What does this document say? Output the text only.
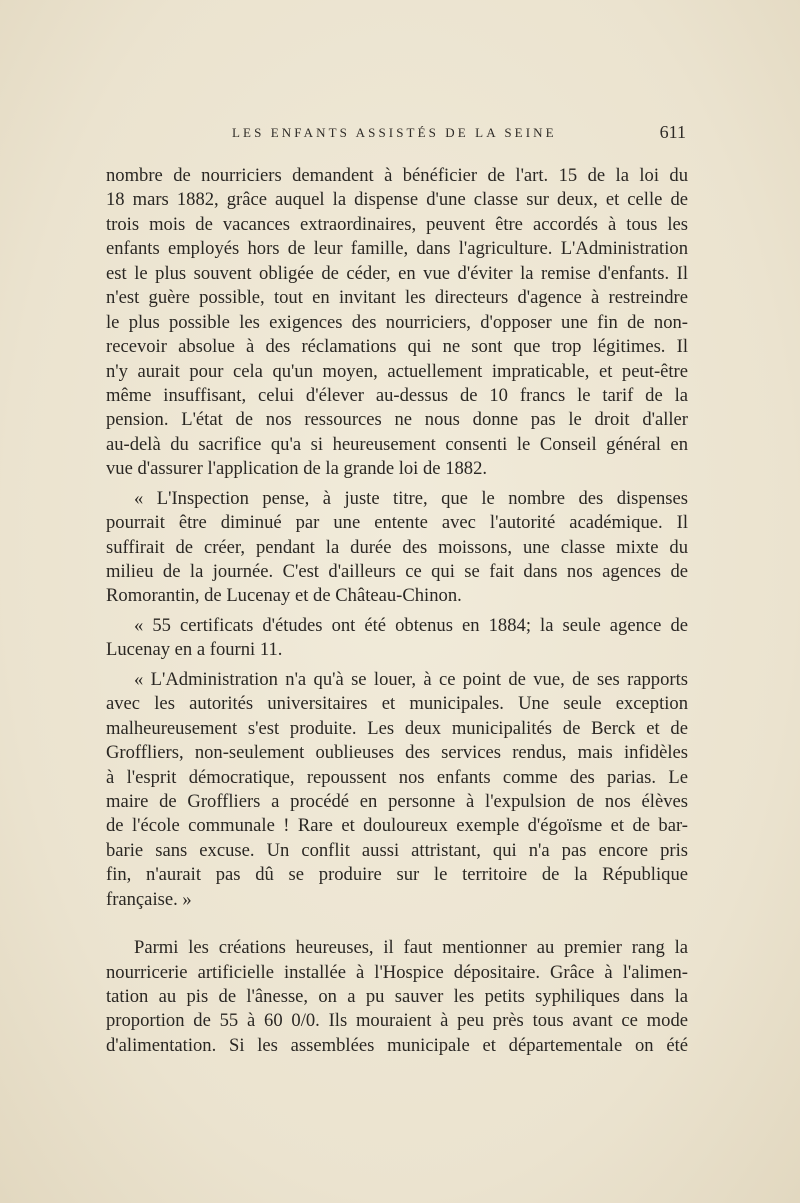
LES ENFANTS ASSISTÉS DE LA SEINE	611
nombre de nourriciers demandent à bénéficier de l'art. 15 de la loi du
18 mars 1882, grâce auquel la dispense d'une classe sur deux, et celle de
trois mois de vacances extraordinaires, peuvent être accordés à tous les
enfants employés hors de leur famille, dans l'agriculture. L'Administration
est le plus souvent obligée de céder, en vue d'éviter la remise d'enfants. Il
n'est guère possible, tout en invitant les directeurs d'agence à restreindre
le plus possible les exigences des nourriciers, d'opposer une fin de non-
recevoir absolue à des réclamations qui ne sont que trop légitimes. Il
n'y aurait pour cela qu'un moyen, actuellement impraticable, et peut-être
même insuffisant, celui d'élever au-dessus de 10 francs le tarif de la
pension. L'état de nos ressources ne nous donne pas le droit d'aller
au-delà du sacrifice qu'a si heureusement consenti le Conseil général en
vue d'assurer l'application de la grande loi de 1882.
« L'Inspection pense, à juste titre, que le nombre des dispenses
pourrait être diminué par une entente avec l'autorité académique. Il
suffirait de créer, pendant la durée des moissons, une classe mixte du
milieu de la journée. C'est d'ailleurs ce qui se fait dans nos agences de
Romorantin, de Lucenay et de Château-Chinon.
« 55 certificats d'études ont été obtenus en 1884; la seule agence de
Lucenay en a fourni 11.
« L'Administration n'a qu'à se louer, à ce point de vue, de ses rapports
avec les autorités universitaires et municipales. Une seule exception
malheureusement s'est produite. Les deux municipalités de Berck et de
Groffliers, non-seulement oublieuses des services rendus, mais infidèles
à l'esprit démocratique, repoussent nos enfants comme des parias. Le
maire de Groffliers a procédé en personne à l'expulsion de nos élèves
de l'école communale ! Rare et douloureux exemple d'égoïsme et de bar-
barie sans excuse. Un conflit aussi attristant, qui n'a pas encore pris
fin, n'aurait pas dû se produire sur le territoire de la République
française. »
Parmi les créations heureuses, il faut mentionner au premier rang la
nourricerie artificielle installée à l'Hospice dépositaire. Grâce à l'alimen-
tation au pis de l'ânesse, on a pu sauver les petits syphiliques dans la
proportion de 55 à 60 0/0. Ils mouraient à peu près tous avant ce mode
d'alimentation. Si les assemblées municipale et départementale on été
